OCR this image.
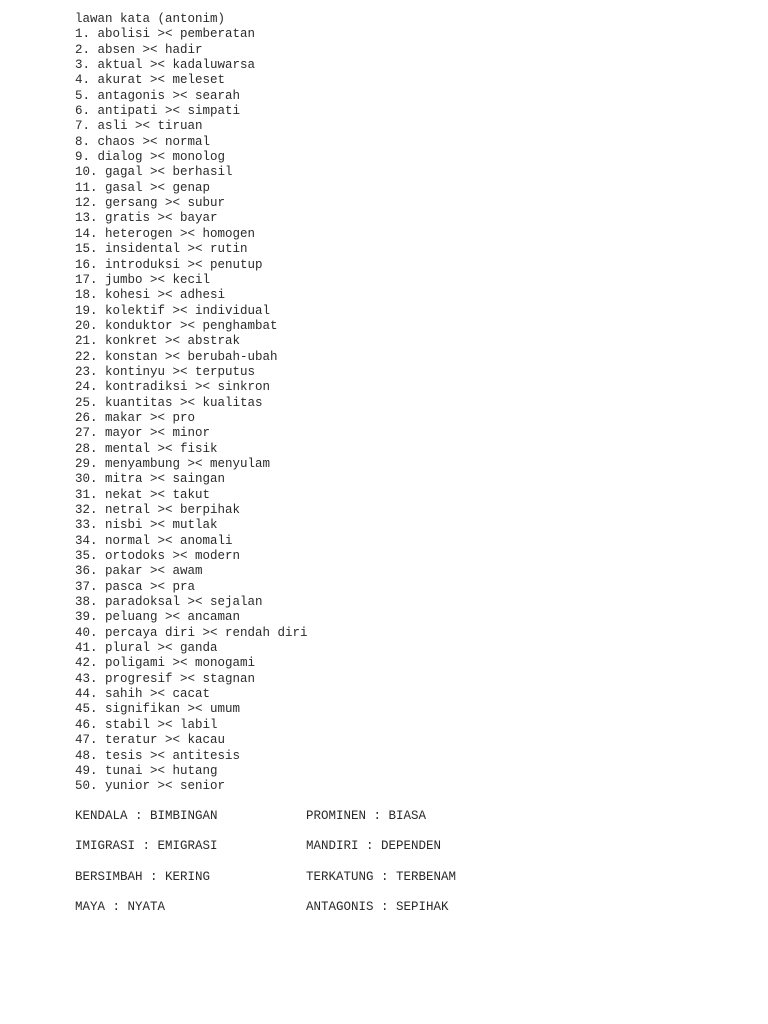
lawan kata (antonim)
1. abolisi >< pemberatan
2. absen >< hadir
3. aktual >< kadaluwarsa
4. akurat >< meleset
5. antagonis >< searah
6. antipati >< simpati
7. asli >< tiruan
8. chaos >< normal
9. dialog >< monolog
10. gagal >< berhasil
11. gasal >< genap
12. gersang >< subur
13. gratis >< bayar
14. heterogen >< homogen
15. insidental >< rutin
16. introduksi >< penutup
17. jumbo >< kecil
18. kohesi >< adhesi
19. kolektif >< individual
20. konduktor >< penghambat
21. konkret >< abstrak
22. konstan >< berubah-ubah
23. kontinyu >< terputus
24. kontradiksi >< sinkron
25. kuantitas >< kualitas
26. makar >< pro
27. mayor >< minor
28. mental >< fisik
29. menyambung >< menyulam
30. mitra >< saingan
31. nekat >< takut
32. netral >< berpihak
33. nisbi >< mutlak
34. normal >< anomali
35. ortodoks >< modern
36. pakar >< awam
37. pasca >< pra
38. paradoksal >< sejalan
39. peluang >< ancaman
40. percaya diri >< rendah diri
41. plural >< ganda
42. poligami >< monogami
43. progresif >< stagnan
44. sahih >< cacat
45. signifikan >< umum
46. stabil >< labil
47. teratur >< kacau
48. tesis >< antitesis
49. tunai >< hutang
50. yunior >< senior
KENDALA : BIMBINGAN	PROMINEN : BIASA
IMIGRASI : EMIGRASI	MANDIRI : DEPENDEN
BERSIMBAH : KERING	TERKATUNG : TERBENAM
MAYA : NYATA	ANTAGONIS : SEPIHAK
